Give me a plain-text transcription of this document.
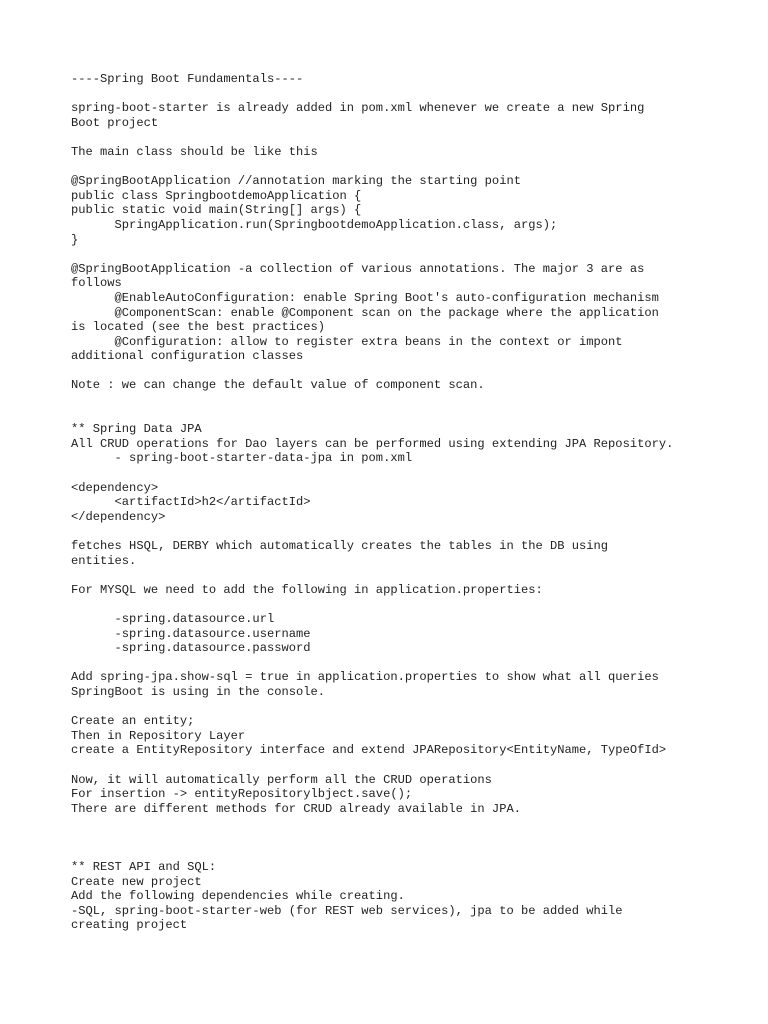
----Spring Boot Fundamentals----
spring-boot-starter is already added in pom.xml whenever we create a new Spring
Boot project
The main class should be like this
@SpringBootApplication //annotation marking the starting point
public class SpringbootdemoApplication {
public static void main(String[] args) {
SpringApplication.run(SpringbootdemoApplication.class, args);
}
@SpringBootApplication -a collection of various annotations. The major 3 are as
follows
@EnableAutoConfiguration: enable Spring Boot's auto-configuration mechanism
@ComponentScan: enable @Component scan on the package where the application
is located (see the best practices)
@Configuration: allow to register extra beans in the context or impont
additional configuration classes
Note : we can change the default value of component scan.
** Spring Data JPA
All CRUD operations for Dao layers can be performed using extending JPA Repository.
- spring-boot-starter-data-jpa in pom.xml
<dependency>
<artifactId>h2</artifactId>
</dependency>
fetches HSQL, DERBY which automatically creates the tables in the DB using
entities.
For MYSQL we need to add the following in application.properties:
-spring.datasource.url
-spring.datasource.username
-spring.datasource.password
Add spring-jpa.show-sql = true in application.properties to show what all queries
SpringBoot is using in the console.
Create an entity;
Then in Repository Layer
create a EntityRepository interface and extend JPARepository<EntityName, TypeOfId>
Now, it will automatically perform all the CRUD operations
For insertion -> entityRepositorylbject.save();
There are different methods for CRUD already available in JPA.
** REST API and SQL:
Create new project
Add the following dependencies while creating.
-SQL, spring-boot-starter-web (for REST web services), jpa to be added while
creating project
